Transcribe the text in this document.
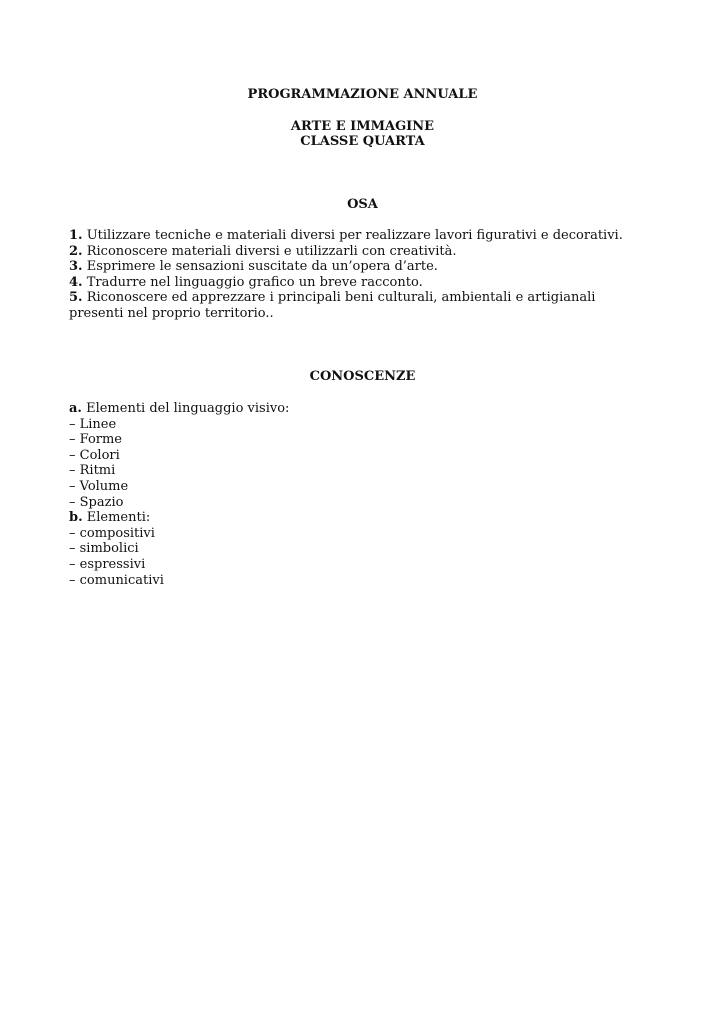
PROGRAMMAZIONE ANNUALE
ARTE E IMMAGINE
CLASSE QUARTA
OSA
1. Utilizzare tecniche e materiali diversi per realizzare lavori figurativi e decorativi.
2. Riconoscere materiali diversi e utilizzarli con creatività.
3. Esprimere le sensazioni suscitate da un’opera d’arte.
4. Tradurre nel linguaggio grafico un breve racconto.
5. Riconoscere ed apprezzare i principali beni culturali, ambientali e artigianali
presenti nel proprio territorio..
CONOSCENZE
a. Elementi del linguaggio visivo:
– Linee
– Forme
– Colori
– Ritmi
– Volume
– Spazio
b. Elementi:
– compositivi
– simbolici
– espressivi
– comunicativi
